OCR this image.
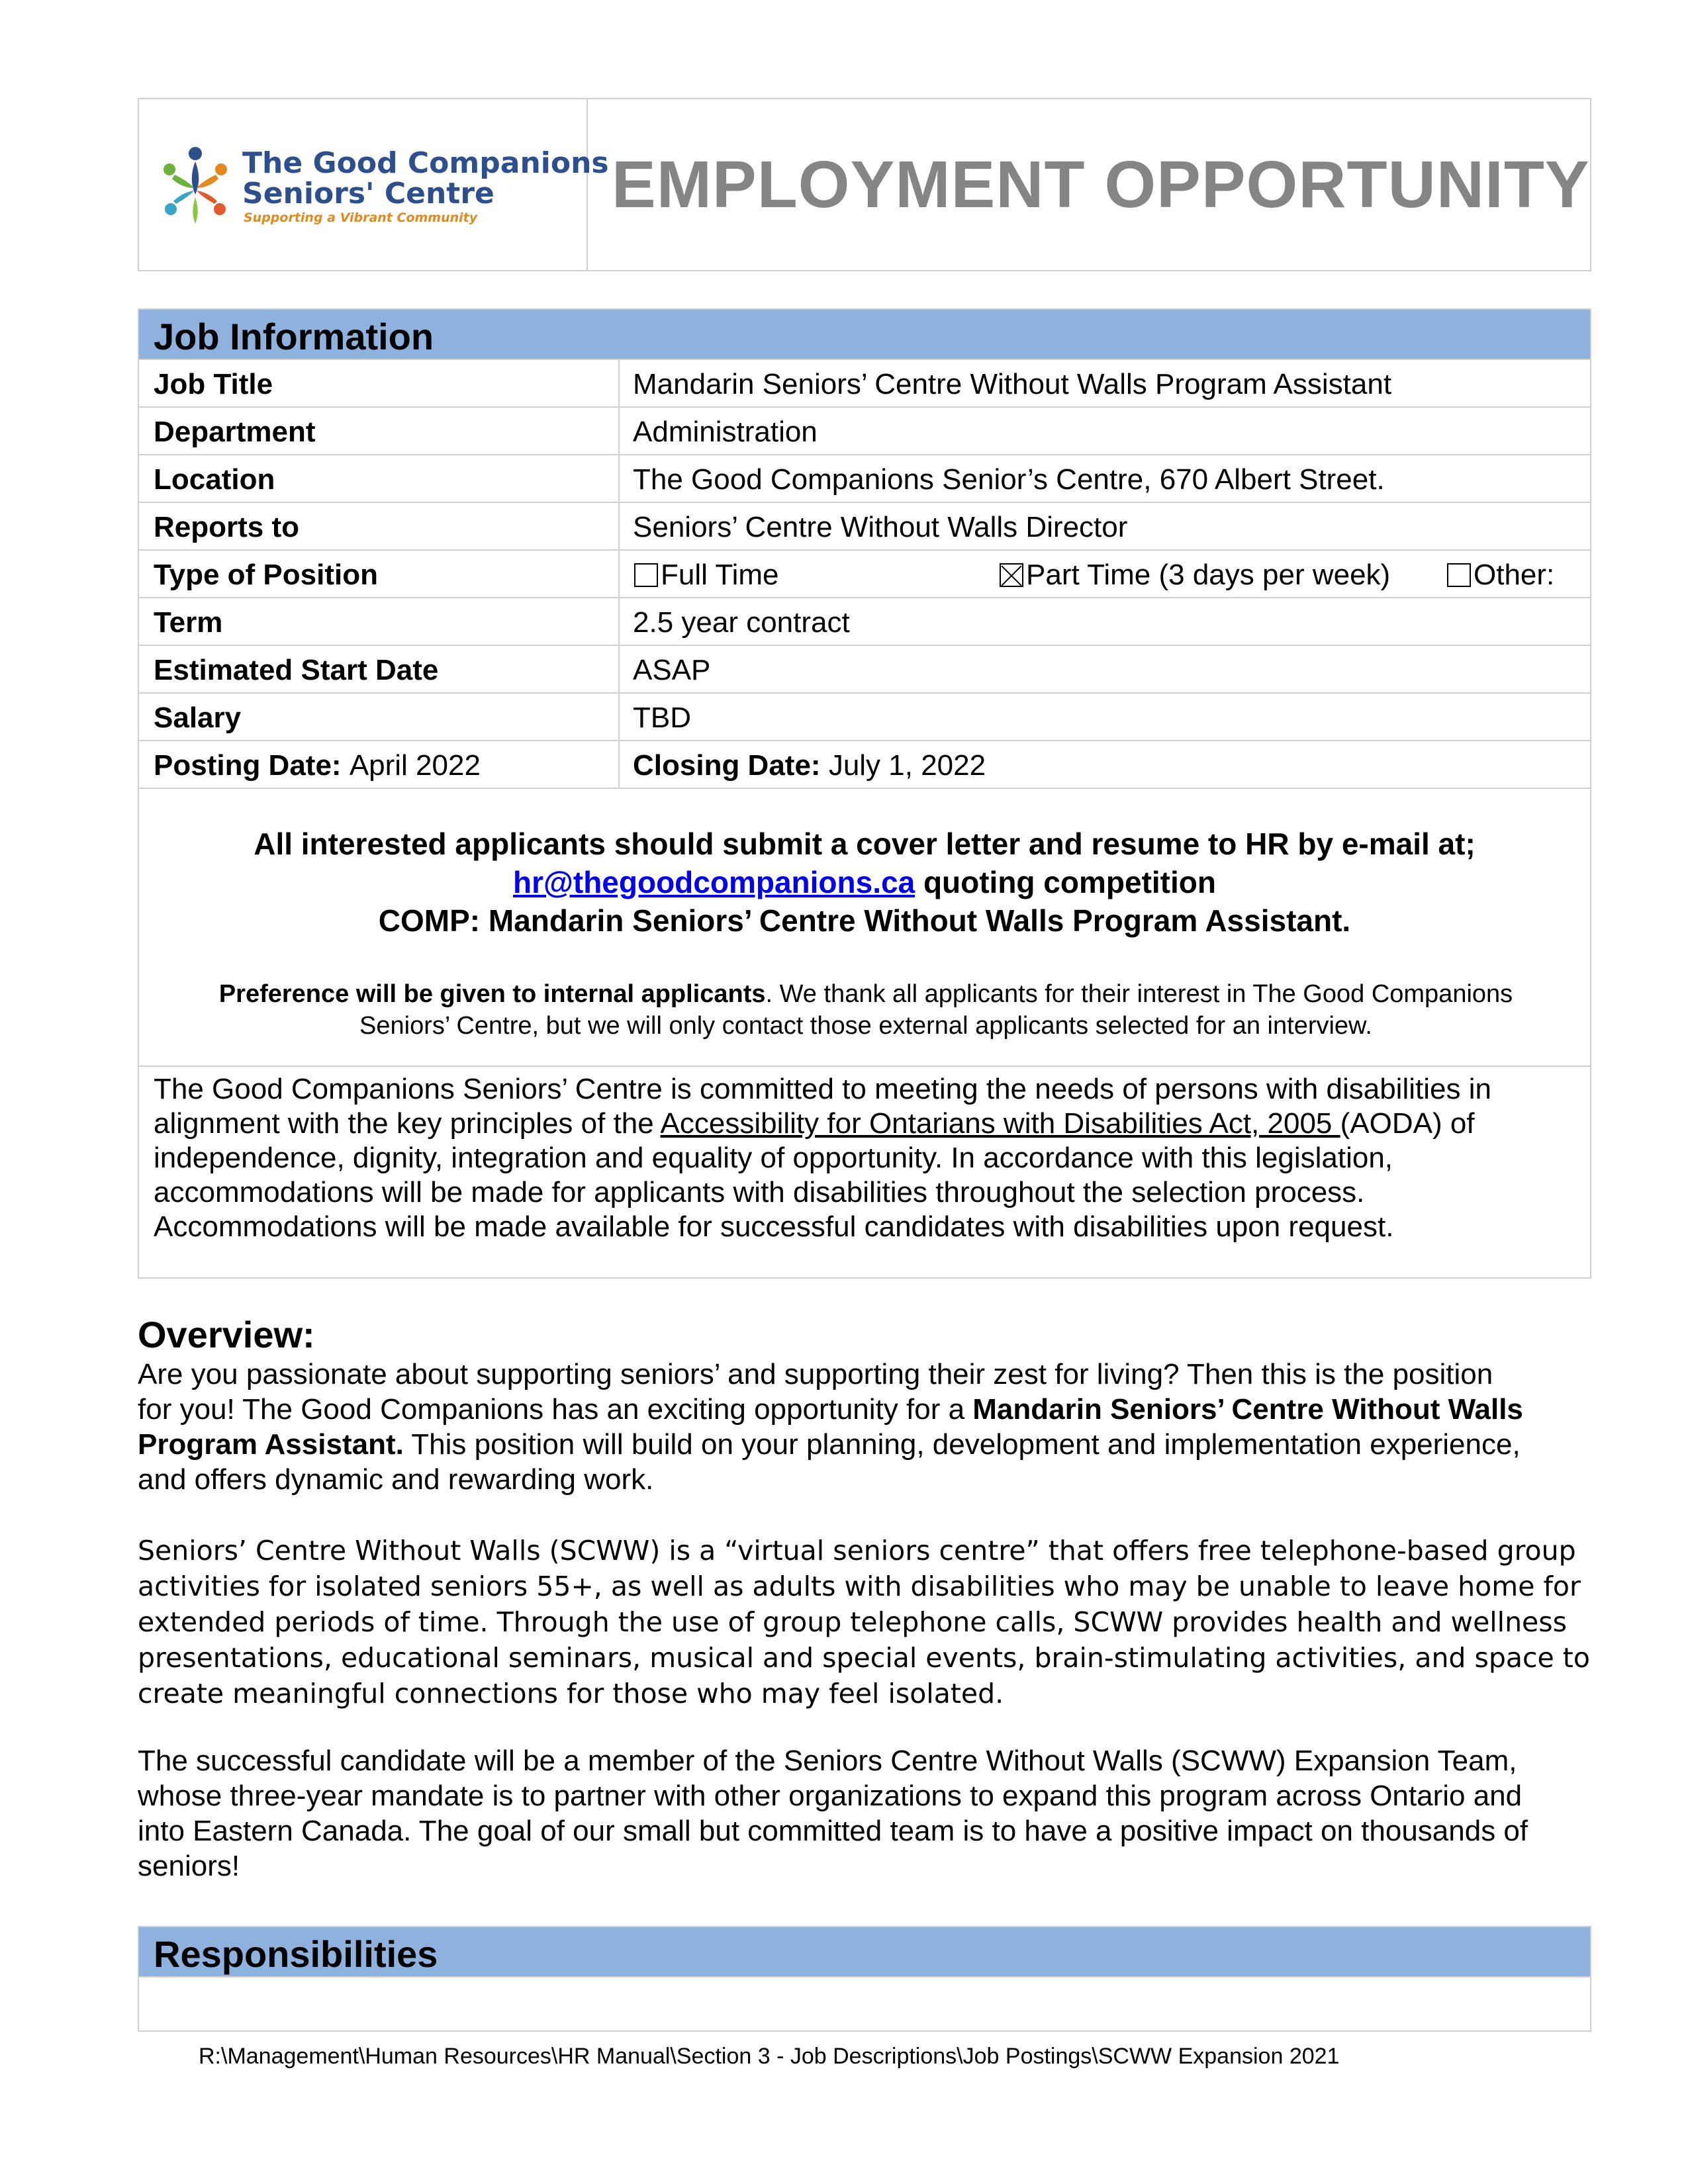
The Good Companions
Seniors' Centre
Supporting a Vibrant Community EMPLOYMENT OPPORTUNITY
Job Information
Job Title	Mandarin Seniors’ Centre Without Walls Program Assistant
Department	Administration
Location	The Good Companions Senior’s Centre, 670 Albert Street.
Reports to	Seniors’ Centre Without Walls Director
Type of Position	Full Time	Part Time (3 days per week)	Other:
Term	2.5 year contract
Estimated Start Date	ASAP
Salary	TBD
Posting Date: April 2022	Closing Date: July 1, 2022
All interested applicants should submit a cover letter and resume to HR by e-mail at;
hr@thegoodcompanions.ca quoting competition
COMP: Mandarin Seniors’ Centre Without Walls Program Assistant.
Preference will be given to internal applicants. We thank all applicants for their interest in The Good Companions
Seniors’ Centre, but we will only contact those external applicants selected for an interview.
The Good Companions Seniors’ Centre is committed to meeting the needs of persons with disabilities in
alignment with the key principles of the Accessibility for Ontarians with Disabilities Act, 2005 (AODA) of
independence, dignity, integration and equality of opportunity. In accordance with this legislation,
accommodations will be made for applicants with disabilities throughout the selection process.
Accommodations will be made available for successful candidates with disabilities upon request.
Overview:
Are you passionate about supporting seniors’ and supporting their zest for living? Then this is the position
for you! The Good Companions has an exciting opportunity for a Mandarin Seniors’ Centre Without Walls
Program Assistant. This position will build on your planning, development and implementation experience,
and offers dynamic and rewarding work.
Seniors’ Centre Without Walls (SCWW) is a “virtual seniors centre” that offers free telephone-based group
activities for isolated seniors 55+, as well as adults with disabilities who may be unable to leave home for
extended periods of time. Through the use of group telephone calls, SCWW provides health and wellness
presentations, educational seminars, musical and special events, brain-stimulating activities, and space to
create meaningful connections for those who may feel isolated.
The successful candidate will be a member of the Seniors Centre Without Walls (SCWW) Expansion Team,
whose three-year mandate is to partner with other organizations to expand this program across Ontario and
into Eastern Canada. The goal of our small but committed team is to have a positive impact on thousands of
seniors!
Responsibilities
R:\Management\Human Resources\HR Manual\Section 3 - Job Descriptions\Job Postings\SCWW Expansion 2021
